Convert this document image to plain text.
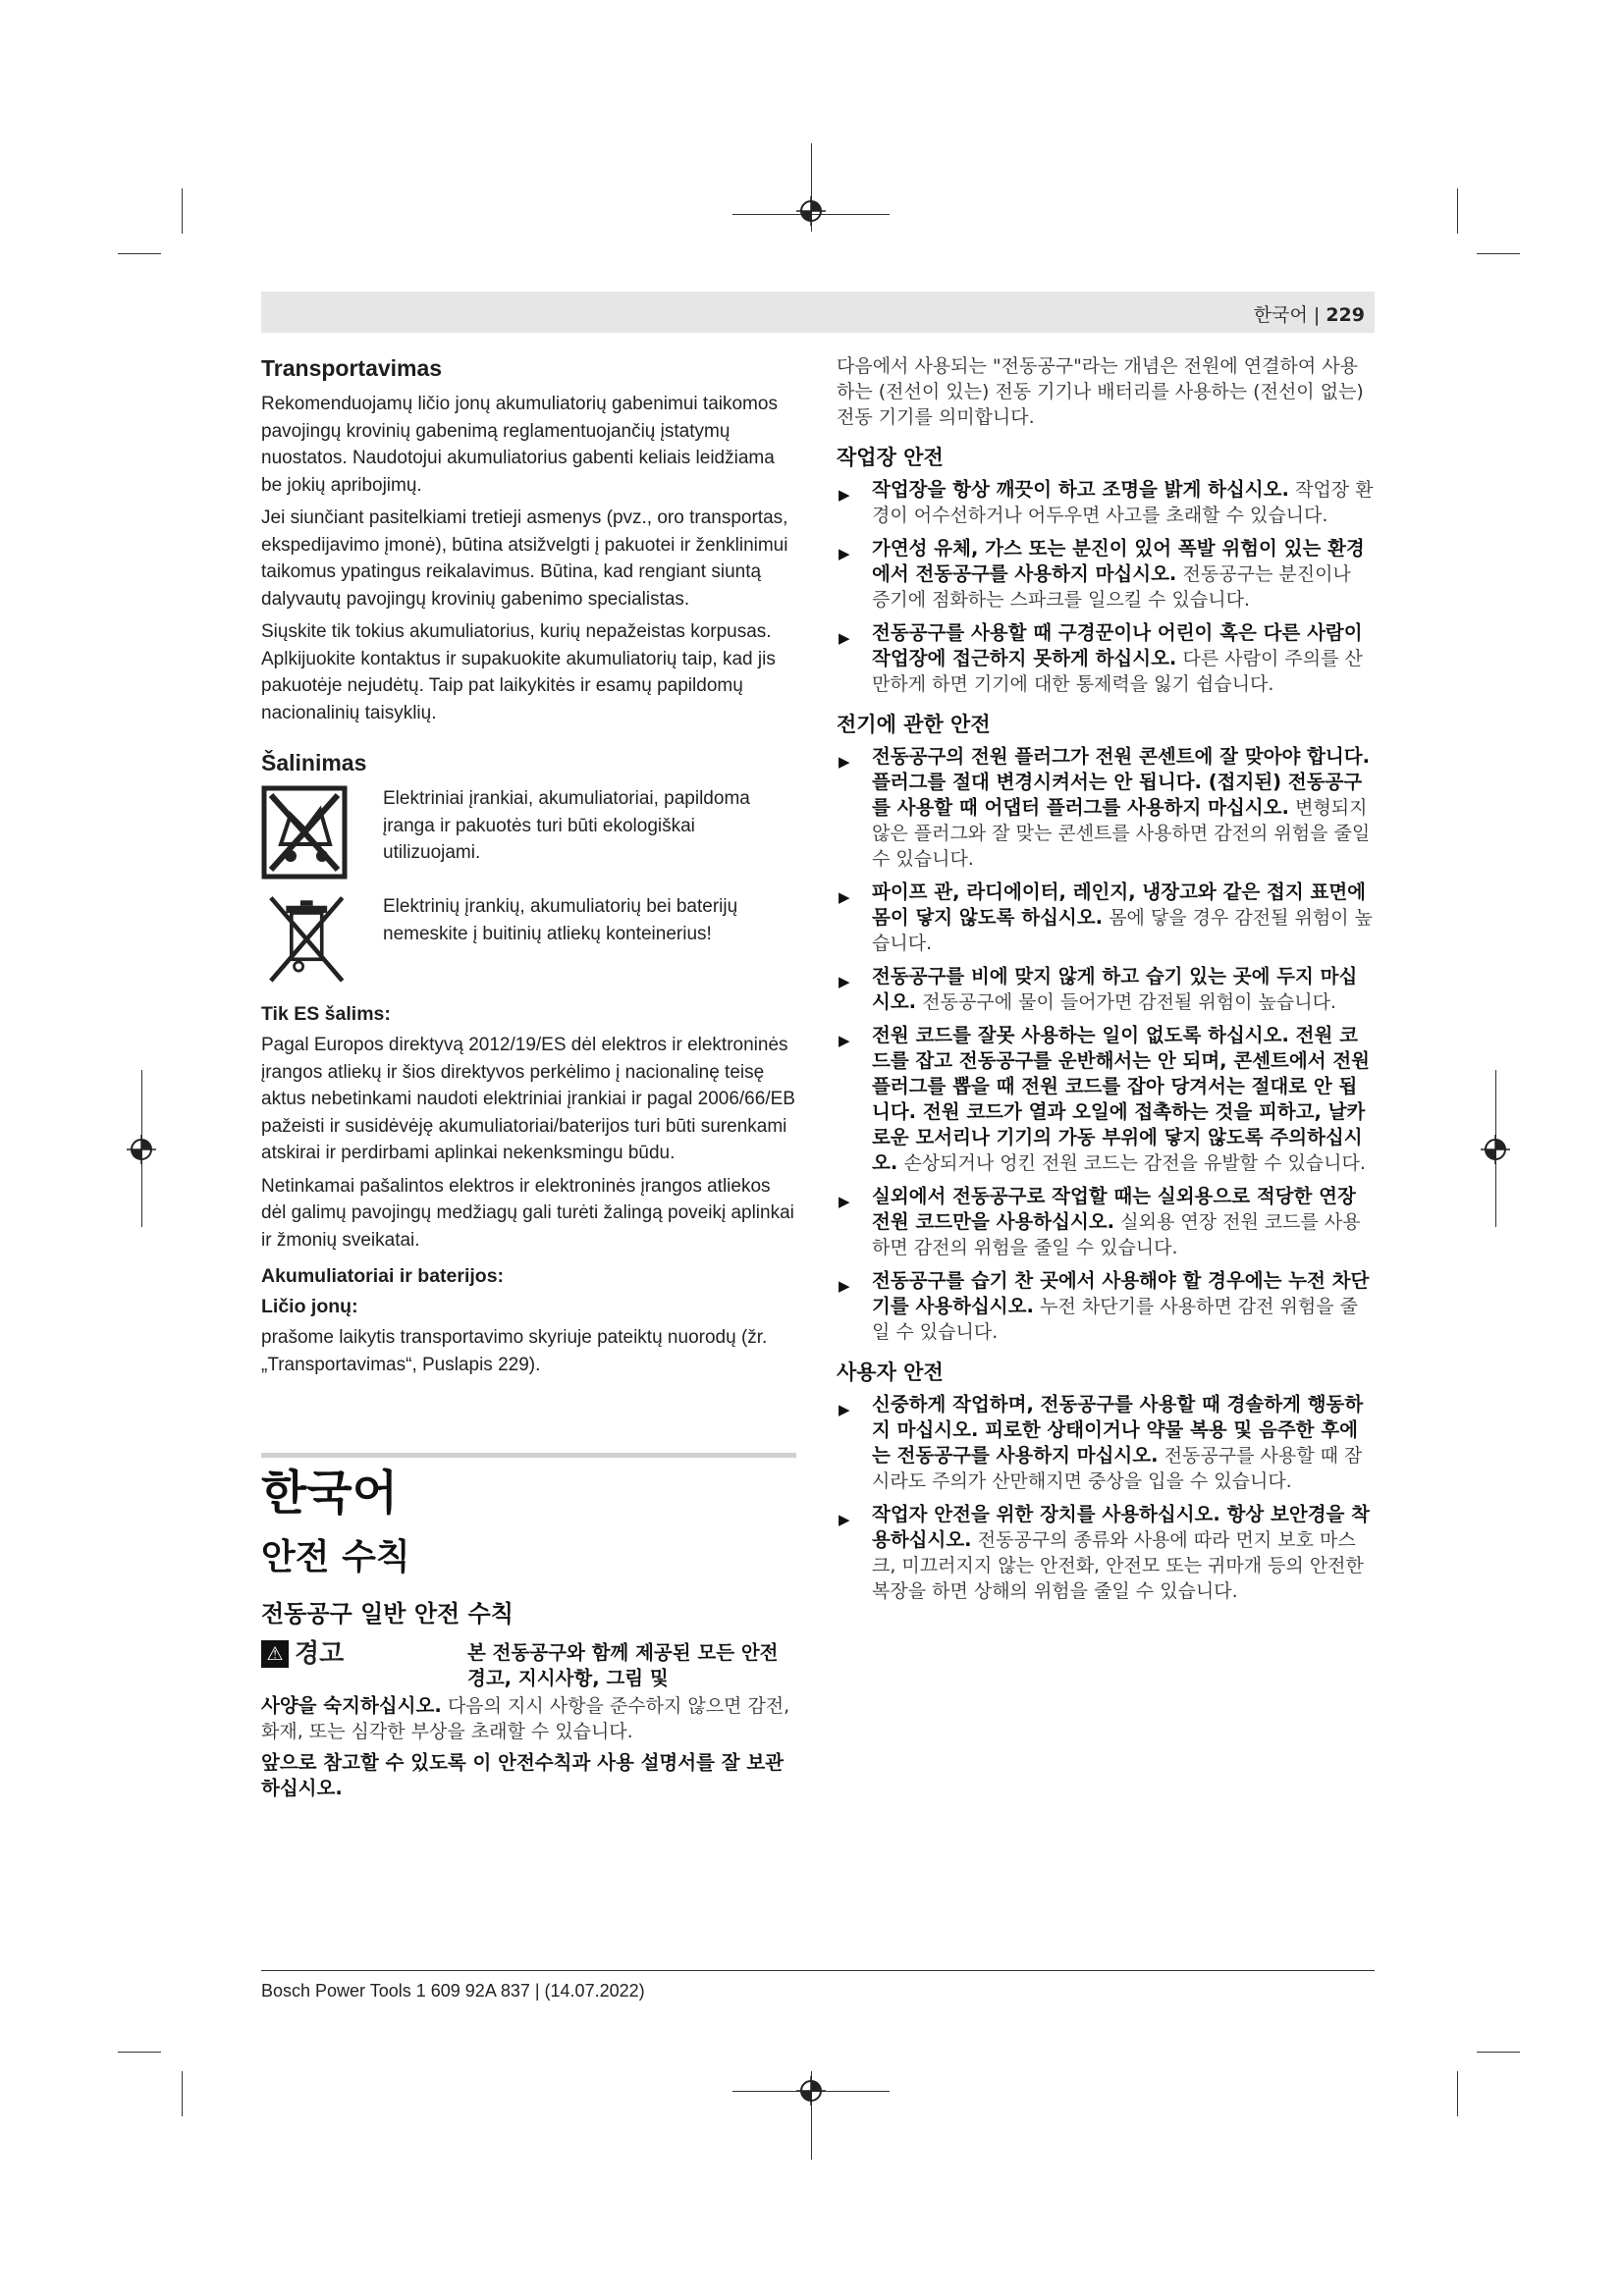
한국어 | 229
Transportavimas

Rekomenduojamų ličio jonų akumuliatorių gabenimui taikomos pavojingų krovinių gabenimą reglamentuojančių įstatymų nuostatos. Naudotojui akumuliatorius gabenti keliais leidžiama be jokių apribojimų.

Jei siunčiant pasitelkiami tretieji asmenys (pvz., oro transportas, ekspedijavimo įmonė), būtina atsižvelgti į pakuotei ir ženklinimui taikomus ypatingus reikalavimus. Būtina, kad rengiant siuntą dalyvautų pavojingų krovinių gabenimo specialistas.

Siųskite tik tokius akumuliatorius, kurių nepažeistas korpusas. Aplkijuokite kontaktus ir supakuokite akumuliatorių taip, kad jis pakuotėje nejudėtų. Taip pat laikykitės ir esamų papildomų nacionalinių taisyklių.

Šalinimas

Elektriniai įrankiai, akumuliatoriai, papildoma įranga ir pakuotės turi būti ekologiškai utilizuojami.

Elektrinių įrankių, akumuliatorių bei baterijų nemeskite į buitinių atliekų konteinerius!

Tik ES šalims:

Pagal Europos direktyvą 2012/19/ES dėl elektros ir elektroninės įrangos atliekų ir šios direktyvos perkėlimo į nacionalinę teisę aktus nebetinkami naudoti elektriniai įrankiai ir pagal 2006/66/EB pažeisti ir susidėvėję akumuliatoriai/baterijos turi būti surenkami atskirai ir perdirbami aplinkai nekenksmingu būdu.

Netinkamai pašalintos elektros ir elektroninės įrangos atliekos dėl galimų pavojingų medžiagų gali turėti žalingą poveikį aplinkai ir žmonių sveikatai.

Akumuliatoriai ir baterijos:
Ličio jonų:

prašome laikytis transportavimo skyriuje pateiktų nuorodų (žr. „Transportavimas“, Puslapis 229).

한국어
안전 수칙
전동공구 일반 안전 수칙
⚠ 경고	본 전동공구와 함께 제공된 모든 안전경고, 지시사항, 그림 및
사양을 숙지하십시오. 다음의 지시 사항을 준수하지 않으면 감전, 화재, 또는 심각한 부상을 초래할 수 있습니다.
앞으로 참고할 수 있도록 이 안전수칙과 사용 설명서를 잘 보관하십시오.

다음에서 사용되는 "전동공구"라는 개념은 전원에 연결하여 사용하는 (전선이 있는) 전동 기기나 배터리를 사용하는 (전선이 없는) 전동 기기를 의미합니다.

작업장 안전
▶ 작업장을 항상 깨끗이 하고 조명을 밝게 하십시오. 작업장 환경이 어수선하거나 어두우면 사고를 초래할 수 있습니다.
▶ 가연성 유체, 가스 또는 분진이 있어 폭발 위험이 있는 환경에서 전동공구를 사용하지 마십시오. 전동공구는 분진이나 증기에 점화하는 스파크를 일으킬 수 있습니다.
▶ 전동공구를 사용할 때 구경꾼이나 어린이 혹은 다른 사람이 작업장에 접근하지 못하게 하십시오. 다른 사람이 주의를 산만하게 하면 기기에 대한 통제력을 잃기 쉽습니다.
전기에 관한 안전
▶ 전동공구의 전원 플러그가 전원 콘센트에 잘 맞아야 합니다. 플러그를 절대 변경시켜서는 안 됩니다. (접지된) 전동공구를 사용할 때 어댑터 플러그를 사용하지 마십시오. 변형되지 않은 플러그와 잘 맞는 콘센트를 사용하면 감전의 위험을 줄일 수 있습니다.
▶ 파이프 관, 라디에이터, 레인지, 냉장고와 같은 접지 표면에 몸이 닿지 않도록 하십시오. 몸에 닿을 경우 감전될 위험이 높습니다.
▶ 전동공구를 비에 맞지 않게 하고 습기 있는 곳에 두지 마십시오. 전동공구에 물이 들어가면 감전될 위험이 높습니다.
▶ 전원 코드를 잘못 사용하는 일이 없도록 하십시오. 전원 코드를 잡고 전동공구를 운반해서는 안 되며, 콘센트에서 전원 플러그를 뽑을 때 전원 코드를 잡아 당겨서는 절대로 안 됩니다. 전원 코드가 열과 오일에 접촉하는 것을 피하고, 날카로운 모서리나 기기의 가동 부위에 닿지 않도록 주의하십시오. 손상되거나 엉킨 전원 코드는 감전을 유발할 수 있습니다.
▶ 실외에서 전동공구로 작업할 때는 실외용으로 적당한 연장 전원 코드만을 사용하십시오. 실외용 연장 전원 코드를 사용하면 감전의 위험을 줄일 수 있습니다.
▶ 전동공구를 습기 찬 곳에서 사용해야 할 경우에는 누전 차단기를 사용하십시오. 누전 차단기를 사용하면 감전 위험을 줄일 수 있습니다.
사용자 안전
▶ 신중하게 작업하며, 전동공구를 사용할 때 경솔하게 행동하지 마십시오. 피로한 상태이거나 약물 복용 및 음주한 후에는 전동공구를 사용하지 마십시오. 전동공구를 사용할 때 잠시라도 주의가 산만해지면 중상을 입을 수 있습니다.
▶ 작업자 안전을 위한 장치를 사용하십시오. 항상 보안경을 착용하십시오. 전동공구의 종류와 사용에 따라 먼지 보호 마스크, 미끄러지지 않는 안전화, 안전모 또는 귀마개 등의 안전한 복장을 하면 상해의 위험을 줄일 수 있습니다.
Bosch Power Tools 1 609 92A 837 | (14.07.2022)
